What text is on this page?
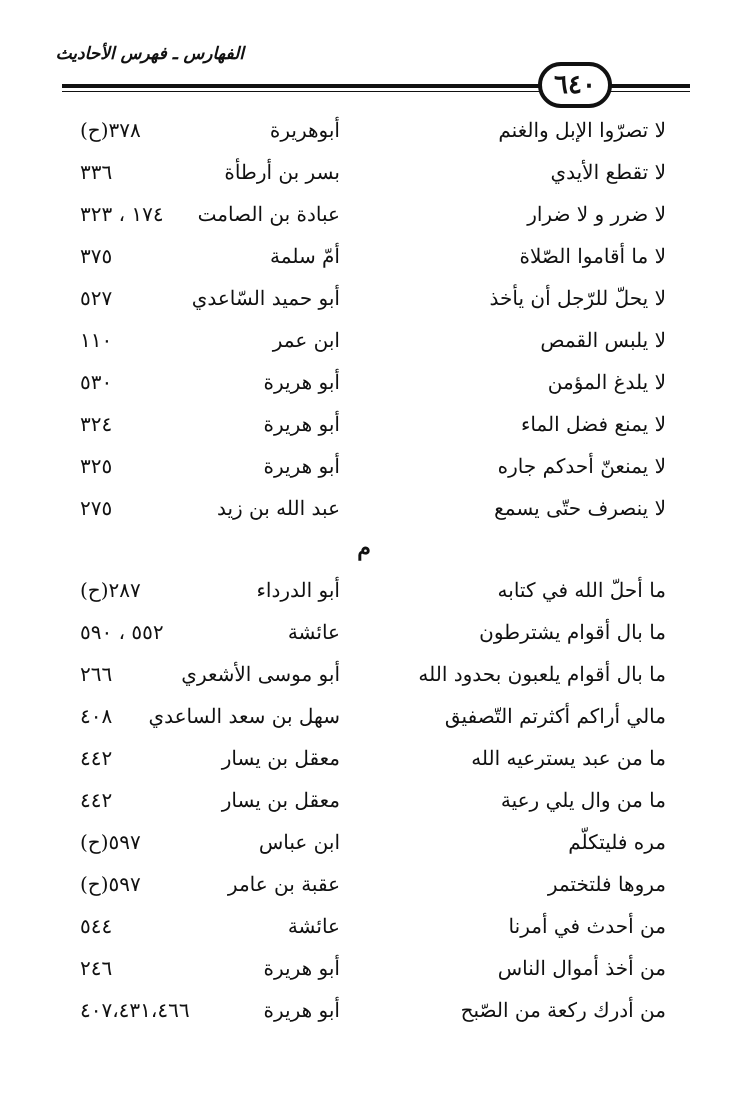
الفهارس ـ فهرس الأحاديث
٦٤٠
لا تصرّوا الإبل والغنم
أبوهريرة
٣٧٨(ح)
لا تقطع الأيدي
بسر بن أرطأة
٣٣٦
لا ضرر و لا ضرار
عبادة بن الصامت
١٧٤ ، ٣٢٣
لا ما أقاموا الصّلاة
أمّ سلمة
٣٧٥
لا يحلّ للرّجل أن يأخذ
أبو حميد السّاعدي
٥٢٧
لا يلبس القمص
ابن عمر
١١٠
لا يلدغ المؤمن
أبو هريرة
٥٣٠
لا يمنع فضل الماء
أبو هريرة
٣٢٤
لا يمنعنّ أحدكم جاره
أبو هريرة
٣٢٥
لا ينصرف حتّى يسمع
عبد الله بن زيد
٢٧٥
م
ما أحلّ الله في كتابه
أبو الدرداء
٢٨٧(ح)
ما بال أقوام يشترطون
عائشة
٥٥٢ ، ٥٩٠
ما بال أقوام يلعبون بحدود الله
أبو موسى الأشعري
٢٦٦
مالي أراكم أكثرتم التّصفيق
سهل بن سعد الساعدي
٤٠٨
ما من عبد يسترعيه الله
معقل بن يسار
٤٤٢
ما من وال يلي رعية
معقل بن يسار
٤٤٢
مره فليتكلّم
ابن عباس
٥٩٧(ح)
مروها فلتختمر
عقبة بن عامر
٥٩٧(ح)
من أحدث في أمرنا
عائشة
٥٤٤
من أخذ أموال الناس
أبو هريرة
٢٤٦
من أدرك ركعة من الصّبح
أبو هريرة
٤٠٧،٤٣١،٤٦٦
